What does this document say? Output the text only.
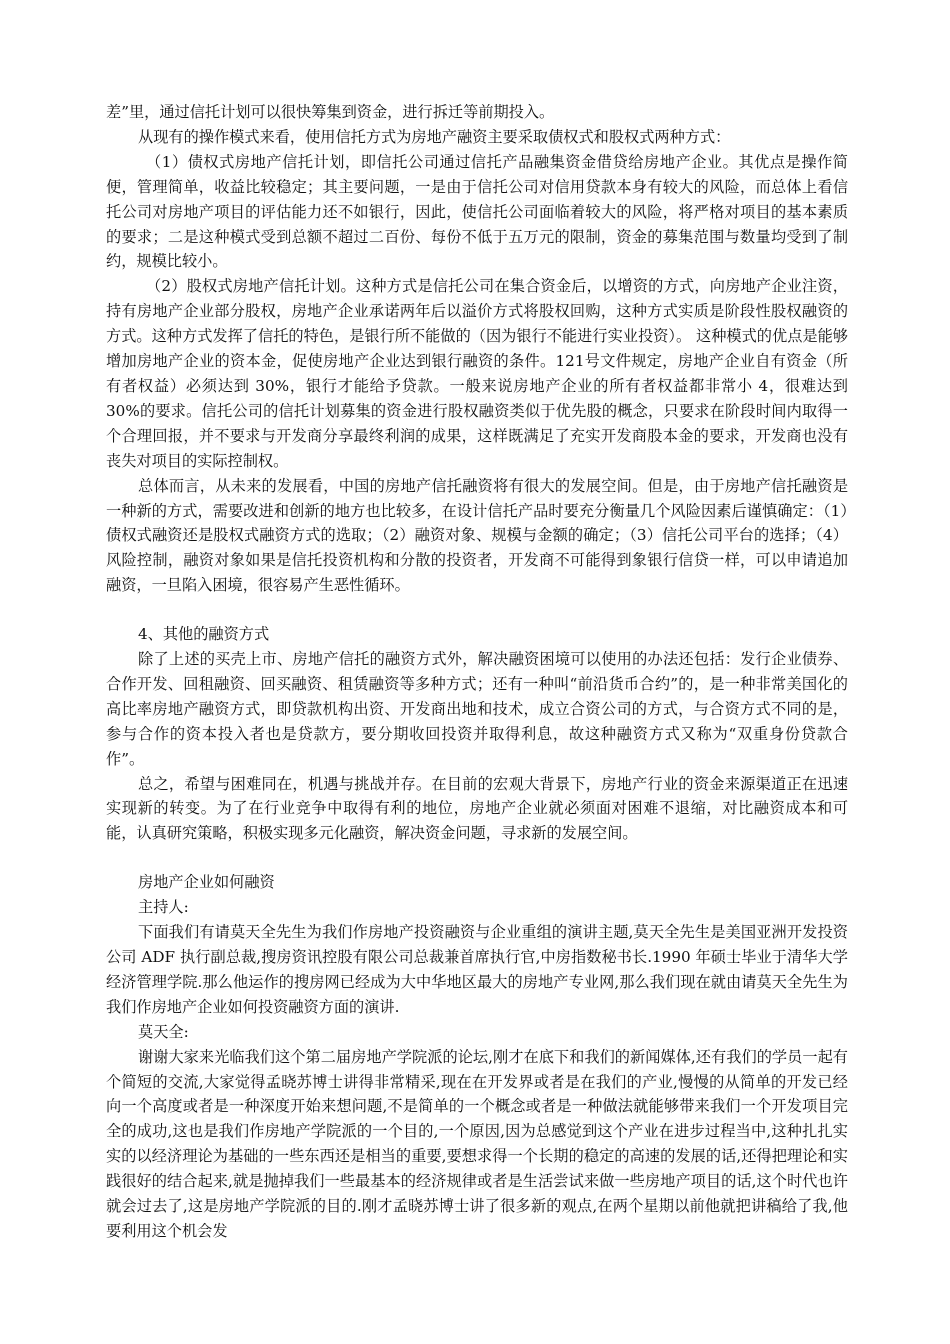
差”里，通过信托计划可以很快筹集到资金，进行拆迁等前期投入。

从现有的操作模式来看，使用信托方式为房地产融资主要采取债权式和股权式两种方式：

（1）债权式房地产信托计划，即信托公司通过信托产品融集资金借贷给房地产企业。其优点是操作简便，管理简单，收益比较稳定；其主要问题，一是由于信托公司对信用贷款本身有较大的风险，而总体上看信托公司对房地产项目的评估能力还不如银行，因此，使信托公司面临着较大的风险，将严格对项目的基本素质的要求；二是这种模式受到总额不超过二百份、每份不低于五万元的限制，资金的募集范围与数量均受到了制约，规模比较小。

（2）股权式房地产信托计划。这种方式是信托公司在集合资金后，以增资的方式，向房地产企业注资，持有房地产企业部分股权，房地产企业承诺两年后以溢价方式将股权回购，这种方式实质是阶段性股权融资的方式。这种方式发挥了信托的特色，是银行所不能做的（因为银行不能进行实业投资）。 这种模式的优点是能够增加房地产企业的资本金，促使房地产企业达到银行融资的条件。121号文件规定，房地产企业自有资金（所有者权益）必须达到 30%，银行才能给予贷款。一般来说房地产企业的所有者权益都非常小 4，很难达到 30%的要求。信托公司的信托计划募集的资金进行股权融资类似于优先股的概念，只要求在阶段时间内取得一个合理回报，并不要求与开发商分享最终利润的成果，这样既满足了充实开发商股本金的要求，开发商也没有丧失对项目的实际控制权。

总体而言，从未来的发展看，中国的房地产信托融资将有很大的发展空间。但是，由于房地产信托融资是一种新的方式，需要改进和创新的地方也比较多，在设计信托产品时要充分衡量几个风险因素后谨慎确定：（1）债权式融资还是股权式融资方式的选取；（2）融资对象、规模与金额的确定；（3）信托公司平台的选择；（4）风险控制，融资对象如果是信托投资机构和分散的投资者，开发商不可能得到象银行信贷一样，可以申请追加融资，一旦陷入困境，很容易产生恶性循环。

4、其他的融资方式

除了上述的买壳上市、房地产信托的融资方式外，解决融资困境可以使用的办法还包括：发行企业债券、合作开发、回租融资、回买融资、租赁融资等多种方式；还有一种叫“前沿货币合约”的，是一种非常美国化的高比率房地产融资方式，即贷款机构出资、开发商出地和技术，成立合资公司的方式，与合资方式不同的是，参与合作的资本投入者也是贷款方，要分期收回投资并取得利息，故这种融资方式又称为“双重身份贷款合作”。

总之，希望与困难同在，机遇与挑战并存。在目前的宏观大背景下，房地产行业的资金来源渠道正在迅速实现新的转变。为了在行业竞争中取得有利的地位，房地产企业就必须面对困难不退缩，对比融资成本和可能，认真研究策略，积极实现多元化融资，解决资金问题，寻求新的发展空间。

房地产企业如何融资

主持人:

下面我们有请莫天全先生为我们作房地产投资融资与企业重组的演讲主题,莫天全先生是美国亚洲开发投资公司 ADF 执行副总裁,搜房资讯控股有限公司总裁兼首席执行官,中房指数秘书长.1990 年硕士毕业于清华大学经济管理学院.那么他运作的搜房网已经成为大中华地区最大的房地产专业网,那么我们现在就由请莫天全先生为我们作房地产企业如何投资融资方面的演讲.

莫天全:

谢谢大家来光临我们这个第二届房地产学院派的论坛,刚才在底下和我们的新闻媒体,还有我们的学员一起有个简短的交流,大家觉得孟晓苏博士讲得非常精采,现在在开发界或者是在我们的产业,慢慢的从简单的开发已经向一个高度或者是一种深度开始来想问题,不是简单的一个概念或者是一种做法就能够带来我们一个开发项目完全的成功,这也是我们作房地产学院派的一个目的,一个原因,因为总感觉到这个产业在进步过程当中,这种扎扎实实的以经济理论为基础的一些东西还是相当的重要,要想求得一个长期的稳定的高速的发展的话,还得把理论和实践很好的结合起来,就是抛掉我们一些最基本的经济规律或者是生活尝试来做一些房地产项目的话,这个时代也许就会过去了,这是房地产学院派的目的.刚才孟晓苏博士讲了很多新的观点,在两个星期以前他就把讲稿给了我,他要利用这个机会发
